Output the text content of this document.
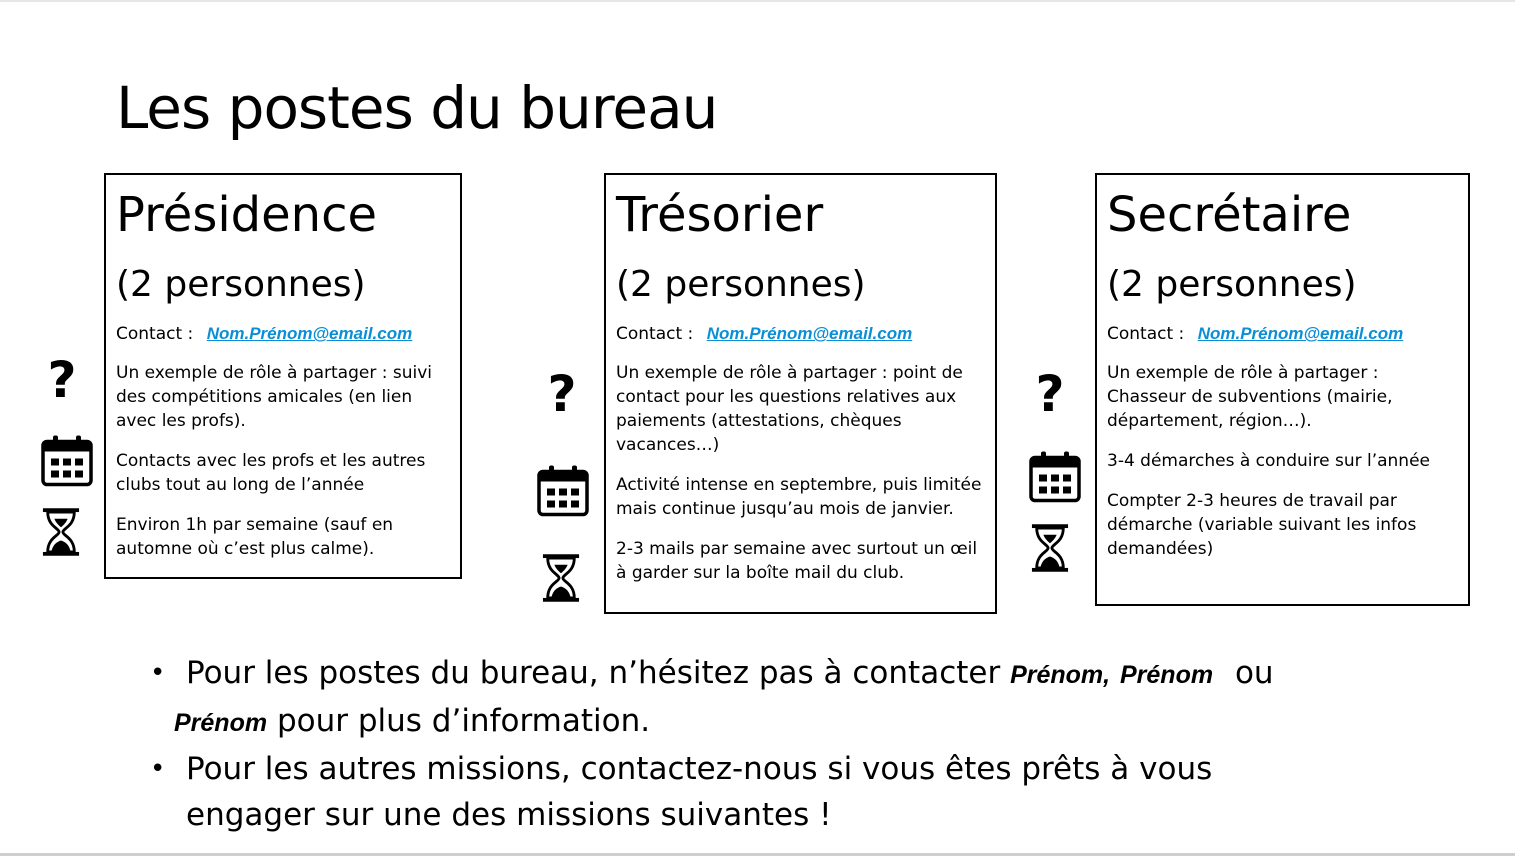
Les postes du bureau
?
Présidence
(2 personnes)
Contact : Nom.Prénom@email.com
Un exemple de rôle à partager : suivi des compétitions amicales (en lien avec les profs).
Contacts avec les profs et les autres clubs tout au long de l’année
Environ 1h par semaine (sauf en automne où c’est plus calme).
?
Trésorier
(2 personnes)
Contact : Nom.Prénom@email.com
Un exemple de rôle à partager : point de contact pour les questions relatives aux paiements (attestations, chèques vacances…)
Activité intense en septembre, puis limitée mais continue jusqu’au mois de janvier.
2-3 mails par semaine avec surtout un œil à garder sur la boîte mail du club.
?
Secrétaire
(2 personnes)
Contact : Nom.Prénom@email.com
Un exemple de rôle à partager : Chasseur de subventions (mairie, département, région…).
3-4 démarches à conduire sur l’année
Compter 2-3 heures de travail par démarche (variable suivant les infos demandées)
• Pour les postes du bureau, n’hésitez pas à contacter Prénom, Prénom ou
Prénom pour plus d’information.
• Pour les autres missions, contactez-nous si vous êtes prêts à vous engager sur une des missions suivantes !
